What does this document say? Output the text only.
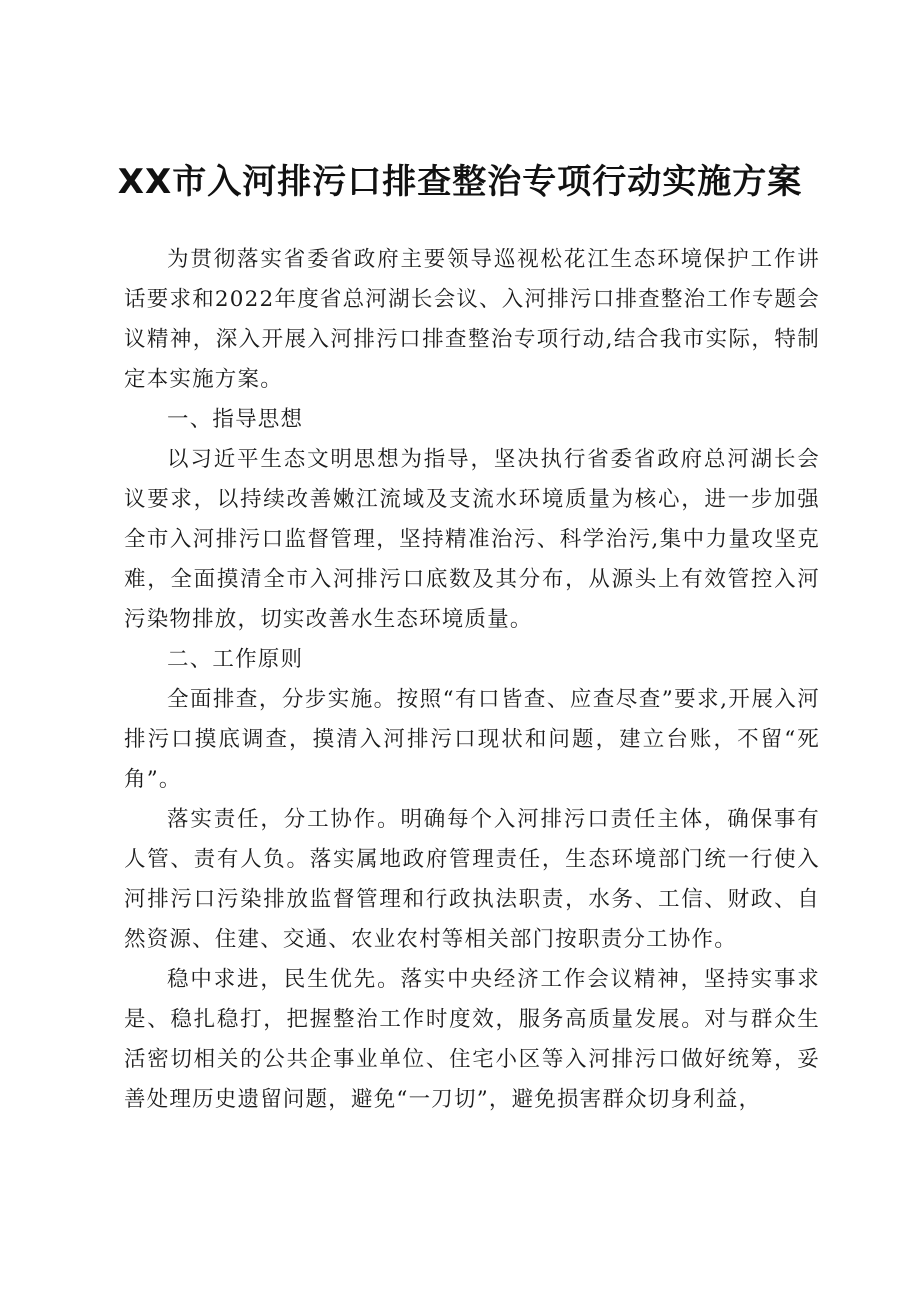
XX市入河排污口排查整治专项行动实施方案

为贯彻落实省委省政府主要领导巡视松花江生态环境保护工作讲话要求和2022年度省总河湖长会议、入河排污口排查整治工作专题会议精神，深入开展入河排污口排查整治专项行动,结合我市实际，特制定本实施方案。

一、指导思想

以习近平生态文明思想为指导，坚决执行省委省政府总河湖长会议要求，以持续改善嫩江流域及支流水环境质量为核心，进一步加强全市入河排污口监督管理，坚持精准治污、科学治污,集中力量攻坚克难，全面摸清全市入河排污口底数及其分布，从源头上有效管控入河污染物排放，切实改善水生态环境质量。

二、工作原则

全面排查，分步实施。按照“有口皆查、应查尽查”要求,开展入河排污口摸底调查，摸清入河排污口现状和问题，建立台账，不留“死角”。

落实责任，分工协作。明确每个入河排污口责任主体，确保事有人管、责有人负。落实属地政府管理责任，生态环境部门统一行使入河排污口污染排放监督管理和行政执法职责，水务、工信、财政、自然资源、住建、交通、农业农村等相关部门按职责分工协作。

稳中求进，民生优先。落实中央经济工作会议精神，坚持实事求是、稳扎稳打，把握整治工作时度效，服务高质量发展。对与群众生活密切相关的公共企事业单位、住宅小区等入河排污口做好统筹，妥善处理历史遗留问题，避免“一刀切”，避免损害群众切身利益，
